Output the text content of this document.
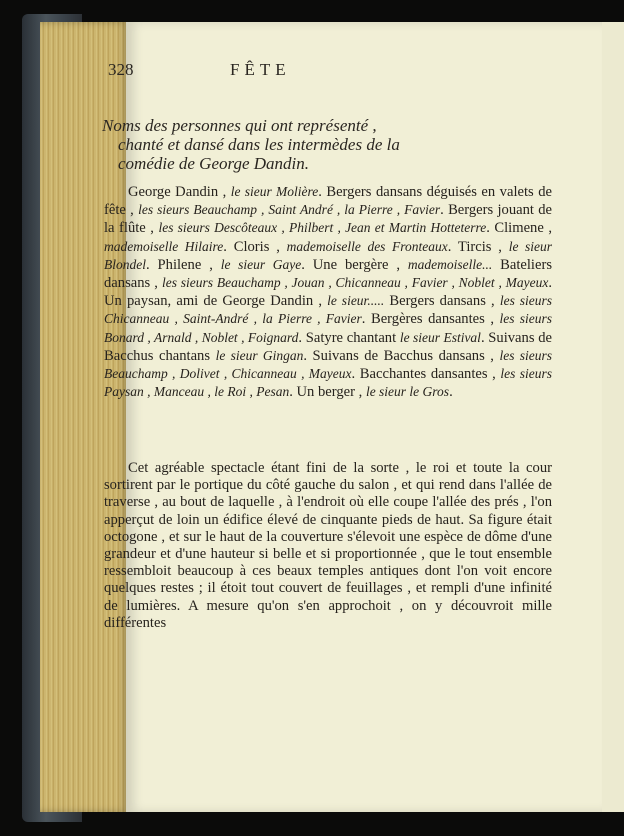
328	FÊTE
Noms des personnes qui ont représenté ,
chanté et dansé dans les intermèdes de la
comédie de George Dandin.

George Dandin , le sieur Molière. Bergers dansans déguisés en valets de fête , les sieurs Beauchamp , Saint André , la Pierre , Favier. Bergers jouant de la flûte , les sieurs Descôteaux , Philbert , Jean et Martin Hotteterre. Climene , mademoiselle Hilaire. Cloris , mademoiselle des Fronteaux. Tircis , le sieur Blondel. Philene , le sieur Gaye. Une bergère , mademoiselle... Bateliers dansans , les sieurs Beauchamp , Jouan , Chicanneau , Favier , Noblet , Mayeux. Un paysan, ami de George Dandin , le sieur..... Bergers dansans , les sieurs Chicanneau , Saint-André , la Pierre , Favier. Bergères dansantes , les sieurs Bonard , Arnald , Noblet , Foignard. Satyre chantant le sieur Estival. Suivans de Bacchus chantans le sieur Gingan. Suivans de Bacchus dansans , les sieurs Beauchamp , Dolivet , Chicanneau , Mayeux. Bacchantes dansantes , les sieurs Paysan , Manceau , le Roi , Pesan. Un berger , le sieur le Gros.

Cet agréable spectacle étant fini de la sorte , le roi et toute la cour sortirent par le portique du côté gauche du salon , et qui rend dans l'allée de traverse , au bout de laquelle , à l'endroit où elle coupe l'allée des prés , l'on apperçut de loin un édifice élevé de cinquante pieds de haut. Sa figure était octogone , et sur le haut de la couverture s'élevoit une espèce de dôme d'une grandeur et d'une hauteur si belle et si proportionnée , que le tout ensemble ressembloit beaucoup à ces beaux temples antiques dont l'on voit encore quelques restes ; il étoit tout couvert de feuillages , et rempli d'une infinité de lumières. A mesure qu'on s'en approchoit , on y découvroit mille différentes
